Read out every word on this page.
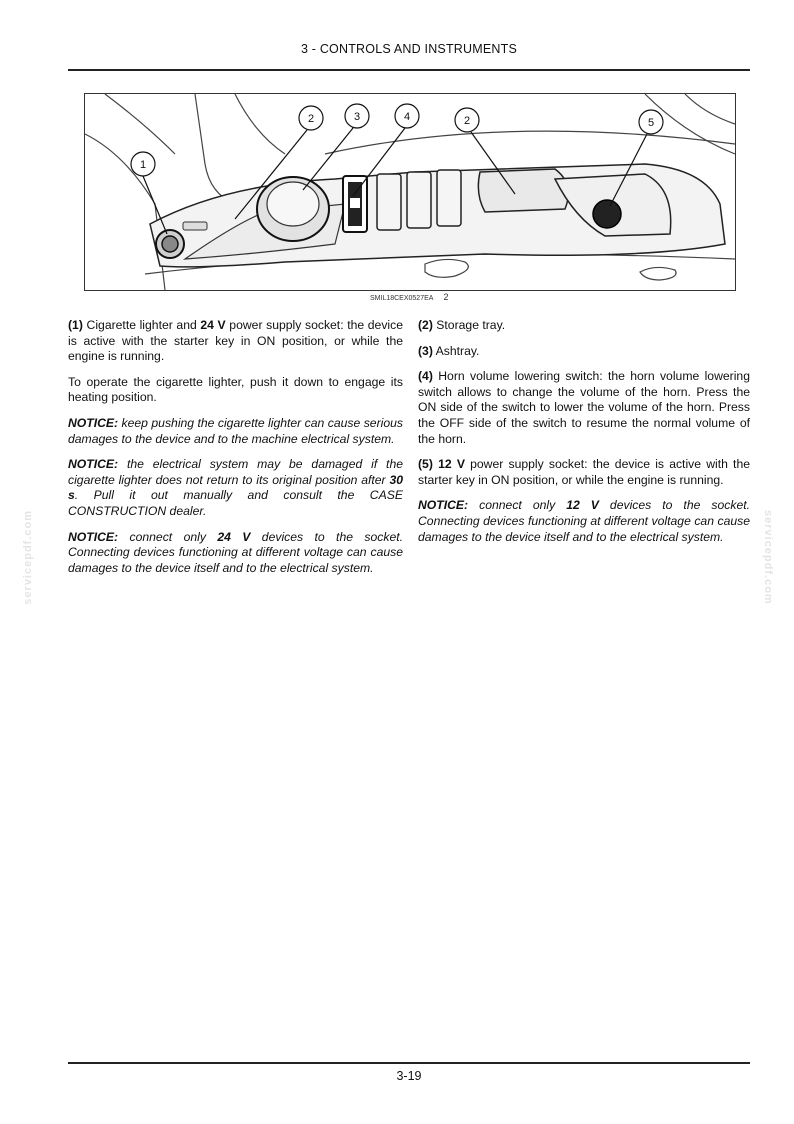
3 - CONTROLS AND INSTRUMENTS
1
2	3	4	2	5
SMIL18CEX0527EA 2

(1) Cigarette lighter and 24 V power supply socket: the device is active with the starter key in ON position, or while the engine is running.

To operate the cigarette lighter, push it down to engage its heating position.

NOTICE: keep pushing the cigarette lighter can cause serious damages to the device and to the machine electrical system.

NOTICE: the electrical system may be damaged if the cigarette lighter does not return to its original position after 30 s. Pull it out manually and consult the CASE CONSTRUCTION dealer.

NOTICE: connect only 24 V devices to the socket. Connecting devices functioning at different voltage can cause damages to the device itself and to the electrical system.

(2) Storage tray.

(3) Ashtray.

(4) Horn volume lowering switch: the horn volume lowering switch allows to change the volume of the horn. Press the ON side of the switch to lower the volume of the horn. Press the OFF side of the switch to resume the normal volume of the horn.

(5) 12 V power supply socket: the device is active with the starter key in ON position, or while the engine is running.

NOTICE: connect only 12 V devices to the socket. Connecting devices functioning at different voltage can cause damages to the device itself and to the electrical system.

servicepdf.com	servicepdf.com
3-19
